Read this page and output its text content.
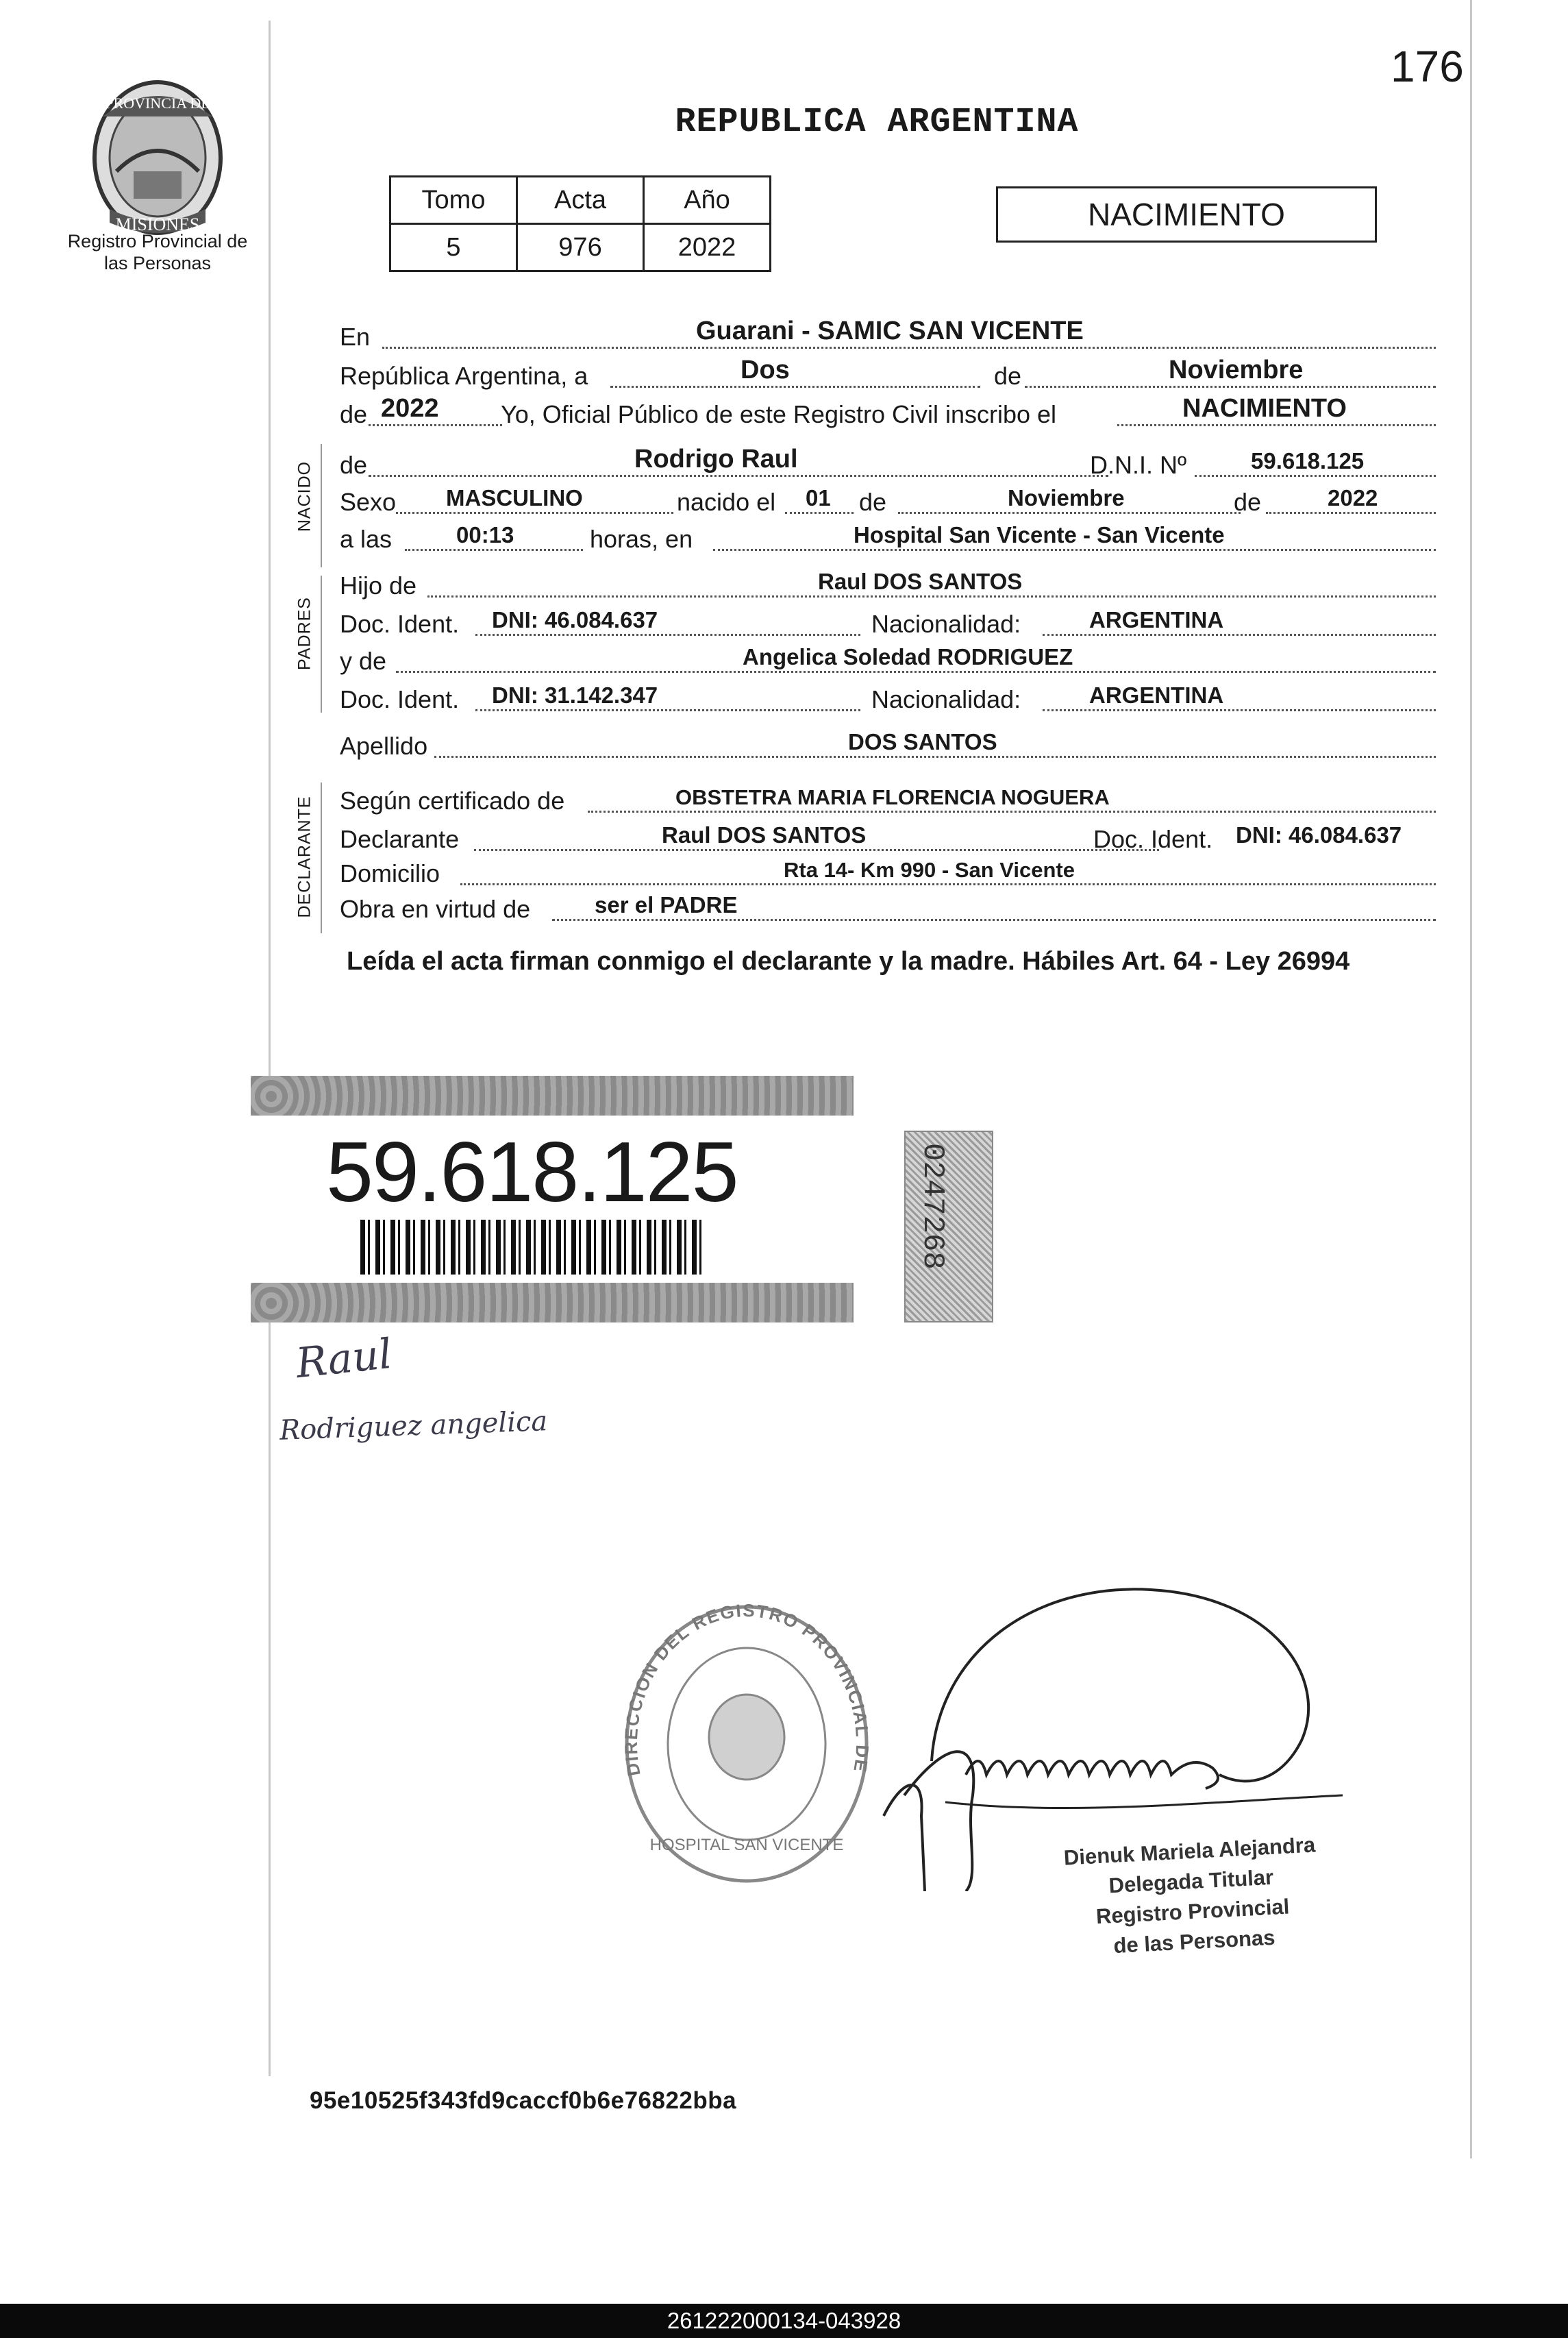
176
PROVINCIA DE
MISIONES
Registro Provincial de las Personas
REPUBLICA ARGENTINA
Tomo	Acta	Año
5	976	2022
NACIMIENTO
En	Guarani - SAMIC SAN VICENTE
República Argentina, a	Dos	de	Noviembre
de 2022	Yo, Oficial Público de este Registro Civil inscribo el	NACIMIENTO
NACIDO de	Rodrigo Raul	D.N.I. Nº	59.618.125
Sexo MASCULINO	nacido el 01 de	Noviembre	de	2022
a las	00:13	horas, en	Hospital San Vicente - San Vicente
PADRES
Hijo de	Raul DOS SANTOS
Doc. Ident. DNI: 46.084.637	Nacionalidad:	ARGENTINA
y de	Angelica Soledad RODRIGUEZ
Doc. Ident. DNI: 31.142.347	Nacionalidad:	ARGENTINA
Apellido	DOS SANTOS
DECLARANTE Según certificado de	OBSTETRA MARIA FLORENCIA NOGUERA
Declarante	Raul DOS SANTOS	Doc. Ident. DNI: 46.084.637
Domicilio	Rta 14- Km 990 - San Vicente
Obra en virtud de	ser el PADRE
Leída el acta firman conmigo el declarante y la madre. Hábiles Art. 64 - Ley 26994
59.618.125	0247268
Raul
Rodriguez angelica
DIRECCION DEL REGISTRO PROVINCIAL DE
HOSPITAL SAN VICENTE	Dienuk Mariela Alejandra
Delegada Titular
Registro Provincial
de las Personas
95e10525f343fd9caccf0b6e76822bba
261222000134-043928
